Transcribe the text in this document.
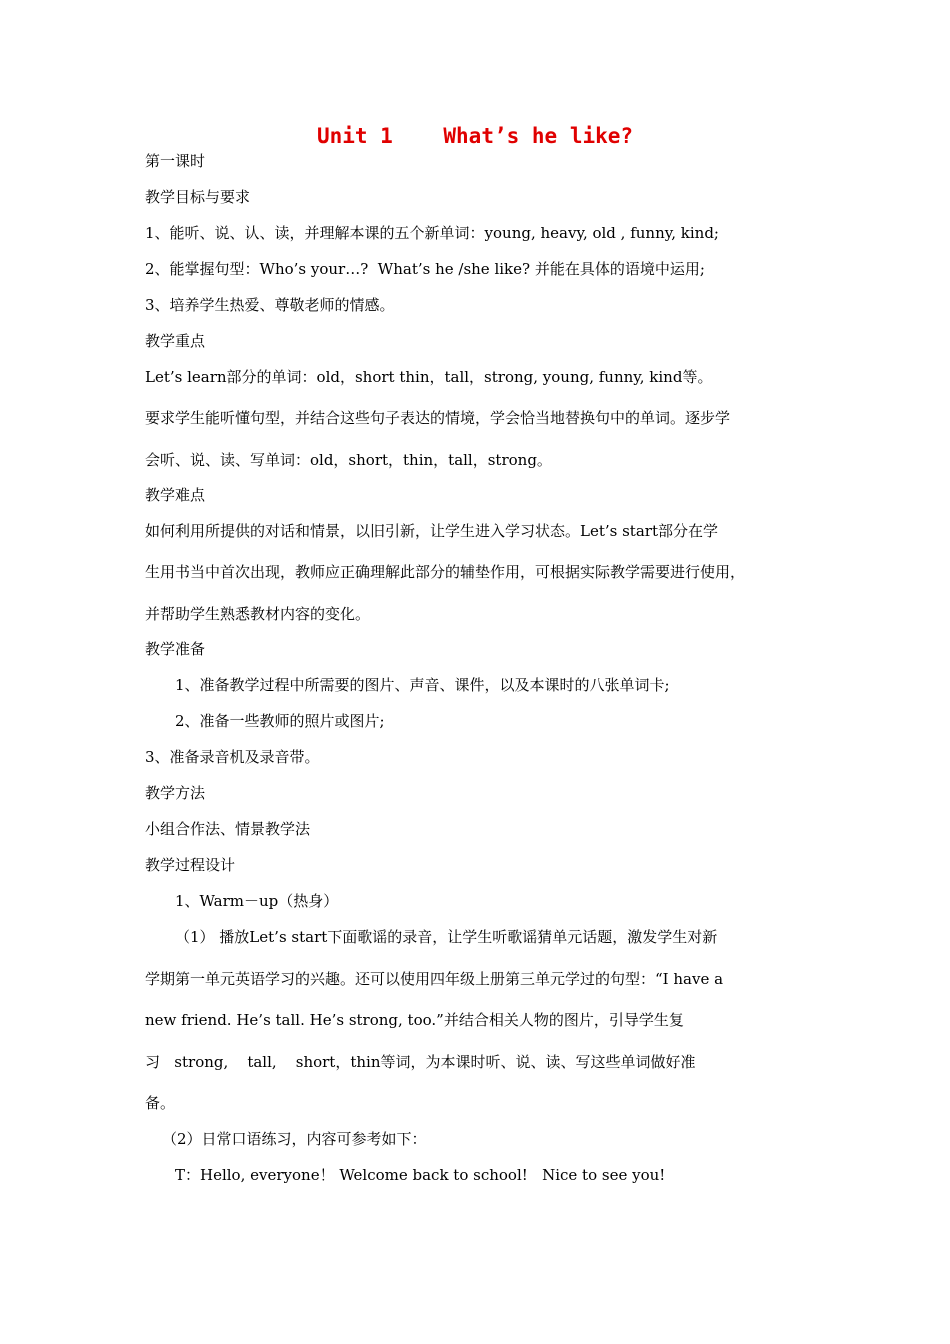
Unit 1    What’s he like?
第一课时
教学目标与要求
1、能听、说、认、读，并理解本课的五个新单词：young, heavy, old , funny, kind;
2、能掌握句型：Who’s your…?  What’s he /she like? 并能在具体的语境中运用;
3、培养学生热爱、尊敬老师的情感。
教学重点
Let’s learn部分的单词：old，short thin，tall，strong, young, funny, kind等。
要求学生能听懂句型，并结合这些句子表达的情境，学会恰当地替换句中的单词。逐步学
会听、说、读、写单词：old，short，thin，tall，strong。
教学难点
如何利用所提供的对话和情景，以旧引新，让学生进入学习状态。Let’s start部分在学
生用书当中首次出现，教师应正确理解此部分的辅垫作用，可根据实际教学需要进行使用，
并帮助学生熟悉教材内容的变化。
教学准备
1、准备教学过程中所需要的图片、声音、课件，以及本课时的八张单词卡;
2、准备一些教师的照片或图片;
3、准备录音机及录音带。
教学方法
小组合作法、情景教学法
教学过程设计
1、Warm－up（热身）
（1） 播放Let’s start下面歌谣的录音，让学生听歌谣猜单元话题，激发学生对新
学期第一单元英语学习的兴趣。还可以使用四年级上册第三单元学过的句型：“I have a
new friend. He’s tall. He’s strong, too.”并结合相关人物的图片，引导学生复
习   strong,    tall,    short，thin等词，为本课时听、说、读、写这些单词做好准
备。
（2）日常口语练习，内容可参考如下：
T：Hello, everyone！ Welcome back to school!   Nice to see you!
